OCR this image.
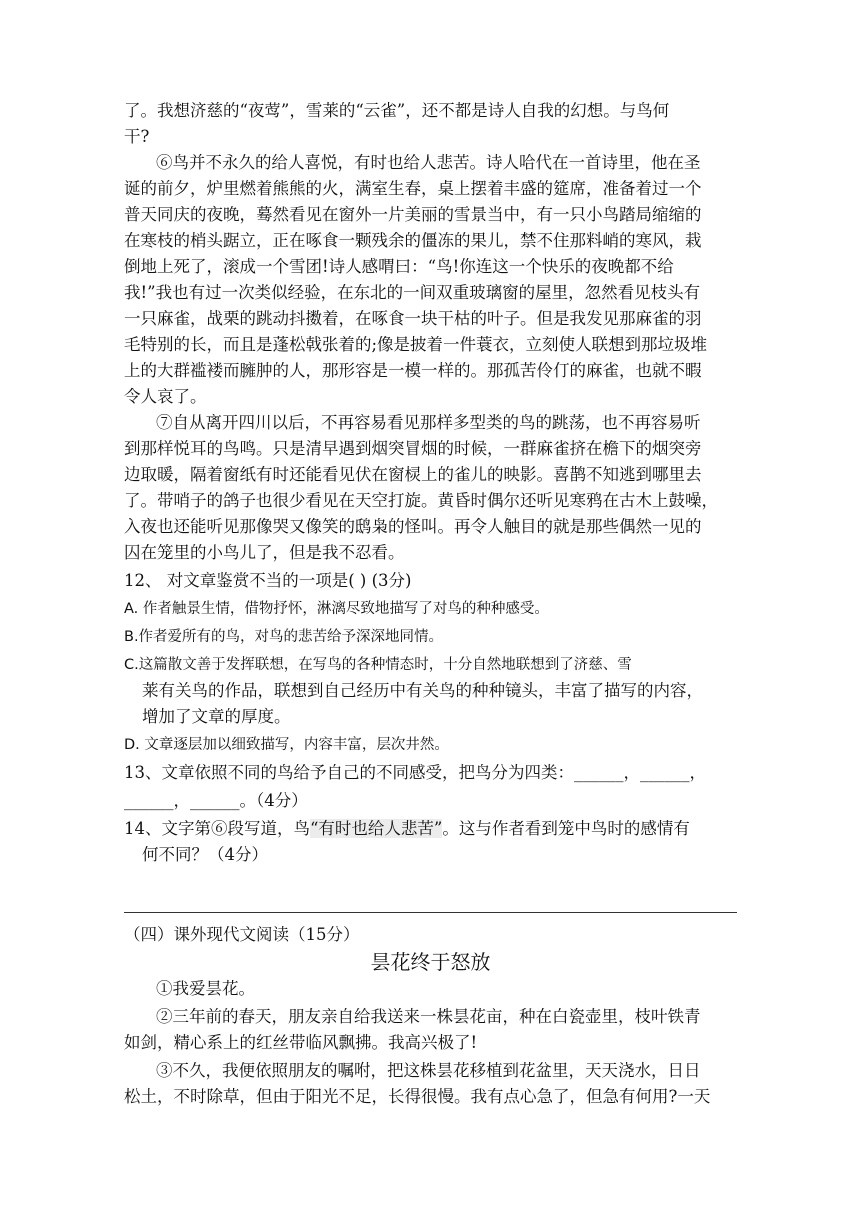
了。我想济慈的“夜莺”，雪莱的“云雀”，还不都是诗人自我的幻想。与鸟何
干?
⑥鸟并不永久的给人喜悦，有时也给人悲苦。诗人哈代在一首诗里，他在圣
诞的前夕，炉里燃着熊熊的火，满室生春，桌上摆着丰盛的筵席，准备着过一个
普天同庆的夜晚，蓦然看见在窗外一片美丽的雪景当中，有一只小鸟踏局缩缩的
在寒枝的梢头踞立，正在啄食一颗残余的僵冻的果儿，禁不住那料峭的寒风，栽
倒地上死了，滚成一个雪团!诗人感喟曰：“鸟!你连这一个快乐的夜晚都不给
我!”我也有过一次类似经验，在东北的一间双重玻璃窗的屋里，忽然看见枝头有
一只麻雀，战栗的跳动抖擞着，在啄食一块干枯的叶子。但是我发见那麻雀的羽
毛特别的长，而且是蓬松戟张着的;像是披着一件蓑衣，立刻使人联想到那垃圾堆
上的大群褴褛而臃肿的人，那形容是一模一样的。那孤苦伶仃的麻雀，也就不暇
令人哀了。
⑦自从离开四川以后，不再容易看见那样多型类的鸟的跳荡，也不再容易听
到那样悦耳的鸟鸣。只是清早遇到烟突冒烟的时候，一群麻雀挤在檐下的烟突旁
边取暖，隔着窗纸有时还能看见伏在窗棂上的雀儿的映影。喜鹊不知逃到哪里去
了。带哨子的鸽子也很少看见在天空打旋。黄昏时偶尔还听见寒鸦在古木上鼓噪，
入夜也还能听见那像哭又像笑的鸱枭的怪叫。再令人触目的就是那些偶然一见的
囚在笼里的小鸟儿了，但是我不忍看。
12、 对文章鉴赏不当的一项是( ) (3分)
A. 作者触景生情，借物抒怀，淋漓尽致地描写了对鸟的种种感受。
B.作者爱所有的鸟，对鸟的悲苦给予深深地同情。
C.这篇散文善于发挥联想，在写鸟的各种情态时，十分自然地联想到了济慈、雪
莱有关鸟的作品，联想到自己经历中有关鸟的种种镜头，丰富了描写的内容，
增加了文章的厚度。
D. 文章逐层加以细致描写，内容丰富，层次井然。
13、文章依照不同的鸟给予自己的不同感受，把鸟分为四类：______，______，
______，______。（4分）
14、文字第⑥段写道，鸟“有时也给人悲苦”。这与作者看到笼中鸟时的感情有
何不同？（4分）
（四）课外现代文阅读（15分）
昙花终于怒放
①我爱昙花。
②三年前的春天，朋友亲自给我送来一株昙花亩，种在白瓷壶里，枝叶铁青
如剑，精心系上的红丝带临风飘拂。我高兴极了!
③不久，我便依照朋友的嘱咐，把这株昙花移植到花盆里，天天浇水，日日
松土，不时除草，但由于阳光不足，长得很慢。我有点心急了，但急有何用?一天
